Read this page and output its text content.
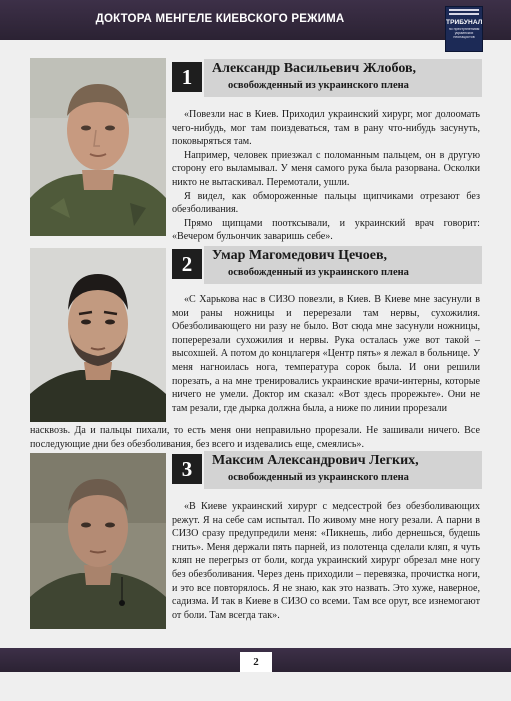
ДОКТОРА МЕНГЕЛЕ КИЕВСКОГО РЕЖИМА	ТРИБУНАЛ
по преступлениям украинских неонацистов
1	Александр Васильевич Жлобов,
освобожденный из украинского плена

«Повезли нас в Киев. Приходил украинский хирург, мог долоомать чего-нибудь, мог там поиздеваться, там в рану что-нибудь засунуть, поковыряться там.

Например, человек приезжал с поломанным пальцем, он в другую сторону его выламывал. У меня самого рука была разорвана. Осколки никто не вытаскивал. Перемотали, ушли.

Я видел, как обмороженные пальцы щипчиками отрезают без обезболивания.

Прямо щипцами поотксывали, и украинский врач говорит: «Вечером бульончик заваришь себе».

2	Умар Магомедович Цечоев,
освобожденный из украинского плена

«С Харькова нас в СИЗО повезли, в Киев. В Киеве мне засунули в мои раны ножницы и перерезали там нервы, сухожилия. Обезболивающего ни разу не было. Вот сюда мне засунули ножницы, поперерезали сухожилия и нервы. Рука осталась уже вот такой – высохшей. А потом до концлагеря «Центр пять» я лежал в больнице. У меня нагноилась нога, температура сорок была. И они решили порезать, а на мне тренировались украинские врачи-интерны, которые ничего не умели. Доктор им сказал: «Вот здесь прорежьте». Они не там резали, где дырка должна была, а ниже по линии прорезали

насквозь. Да и пальцы пихали, то есть меня они неправильно прорезали. Не зашивали ничего. Все последующие дни без обезболивания, без всего и издевались еще, смеялись».
3	Максим Александрович Легких,
освобожденный из украинского плена

«В Киеве украинский хирург с медсестрой без обезболивающих режут. Я на себе сам испытал. По живому мне ногу резали. А парни в СИЗО сразу предупредили меня: «Пикнешь, либо дернешься, будешь гнить». Меня держали пять парней, из полотенца сделали кляп, я чуть кляп не перегрыз от боли, когда украинский хирург обрезал мне ногу без обезболивания. Через день приходили – перевязка, прочистка ноги, и это все повторялось. Я не знаю, как это назвать. Это хуже, наверное, садизма. И так в Киеве в СИЗО со всеми. Там все орут, все изнемогают от боли. Там всегда так».

2
